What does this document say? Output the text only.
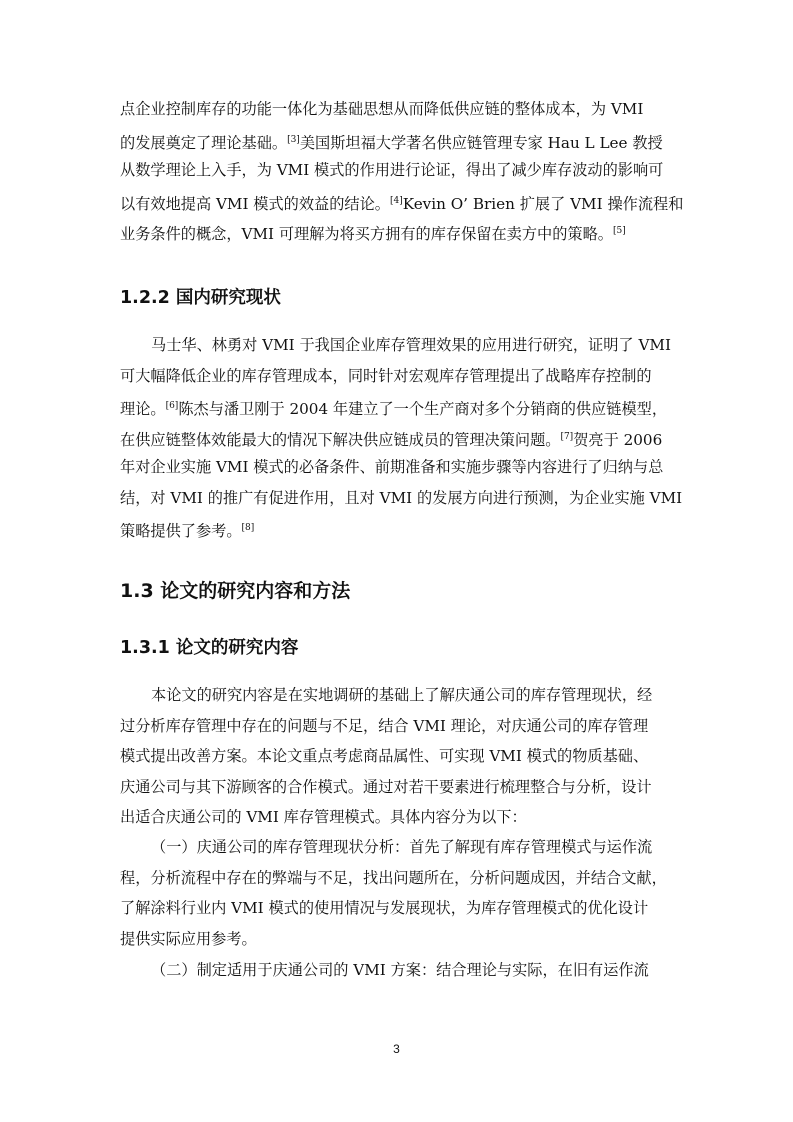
点企业控制库存的功能一体化为基础思想从而降低供应链的整体成本，为 VMI
的发展奠定了理论基础。[3]美国斯坦福大学著名供应链管理专家 Hau L Lee 教授
从数学理论上入手，为 VMI 模式的作用进行论证，得出了减少库存波动的影响可
以有效地提高 VMI 模式的效益的结论。[4]Kevin O’ Brien 扩展了 VMI 操作流程和
业务条件的概念，VMI 可理解为将买方拥有的库存保留在卖方中的策略。[5]
1.2.2 国内研究现状
马士华、林勇对 VMI 于我国企业库存管理效果的应用进行研究，证明了 VMI
可大幅降低企业的库存管理成本，同时针对宏观库存管理提出了战略库存控制的
理论。[6]陈杰与潘卫刚于 2004 年建立了一个生产商对多个分销商的供应链模型，
在供应链整体效能最大的情况下解决供应链成员的管理决策问题。[7]贺亮于 2006
年对企业实施 VMI 模式的必备条件、前期准备和实施步骤等内容进行了归纳与总
结，对 VMI 的推广有促进作用，且对 VMI 的发展方向进行预测，为企业实施 VMI
策略提供了参考。[8]
1.3 论文的研究内容和方法
1.3.1 论文的研究内容
本论文的研究内容是在实地调研的基础上了解庆通公司的库存管理现状，经
过分析库存管理中存在的问题与不足，结合 VMI 理论，对庆通公司的库存管理
模式提出改善方案。本论文重点考虑商品属性、可实现 VMI 模式的物质基础、
庆通公司与其下游顾客的合作模式。通过对若干要素进行梳理整合与分析，设计
出适合庆通公司的 VMI 库存管理模式。具体内容分为以下：
（一）庆通公司的库存管理现状分析：首先了解现有库存管理模式与运作流
程，分析流程中存在的弊端与不足，找出问题所在，分析问题成因，并结合文献，
了解涂料行业内 VMI 模式的使用情况与发展现状，为库存管理模式的优化设计
提供实际应用参考。
（二）制定适用于庆通公司的 VMI 方案：结合理论与实际，在旧有运作流
3
